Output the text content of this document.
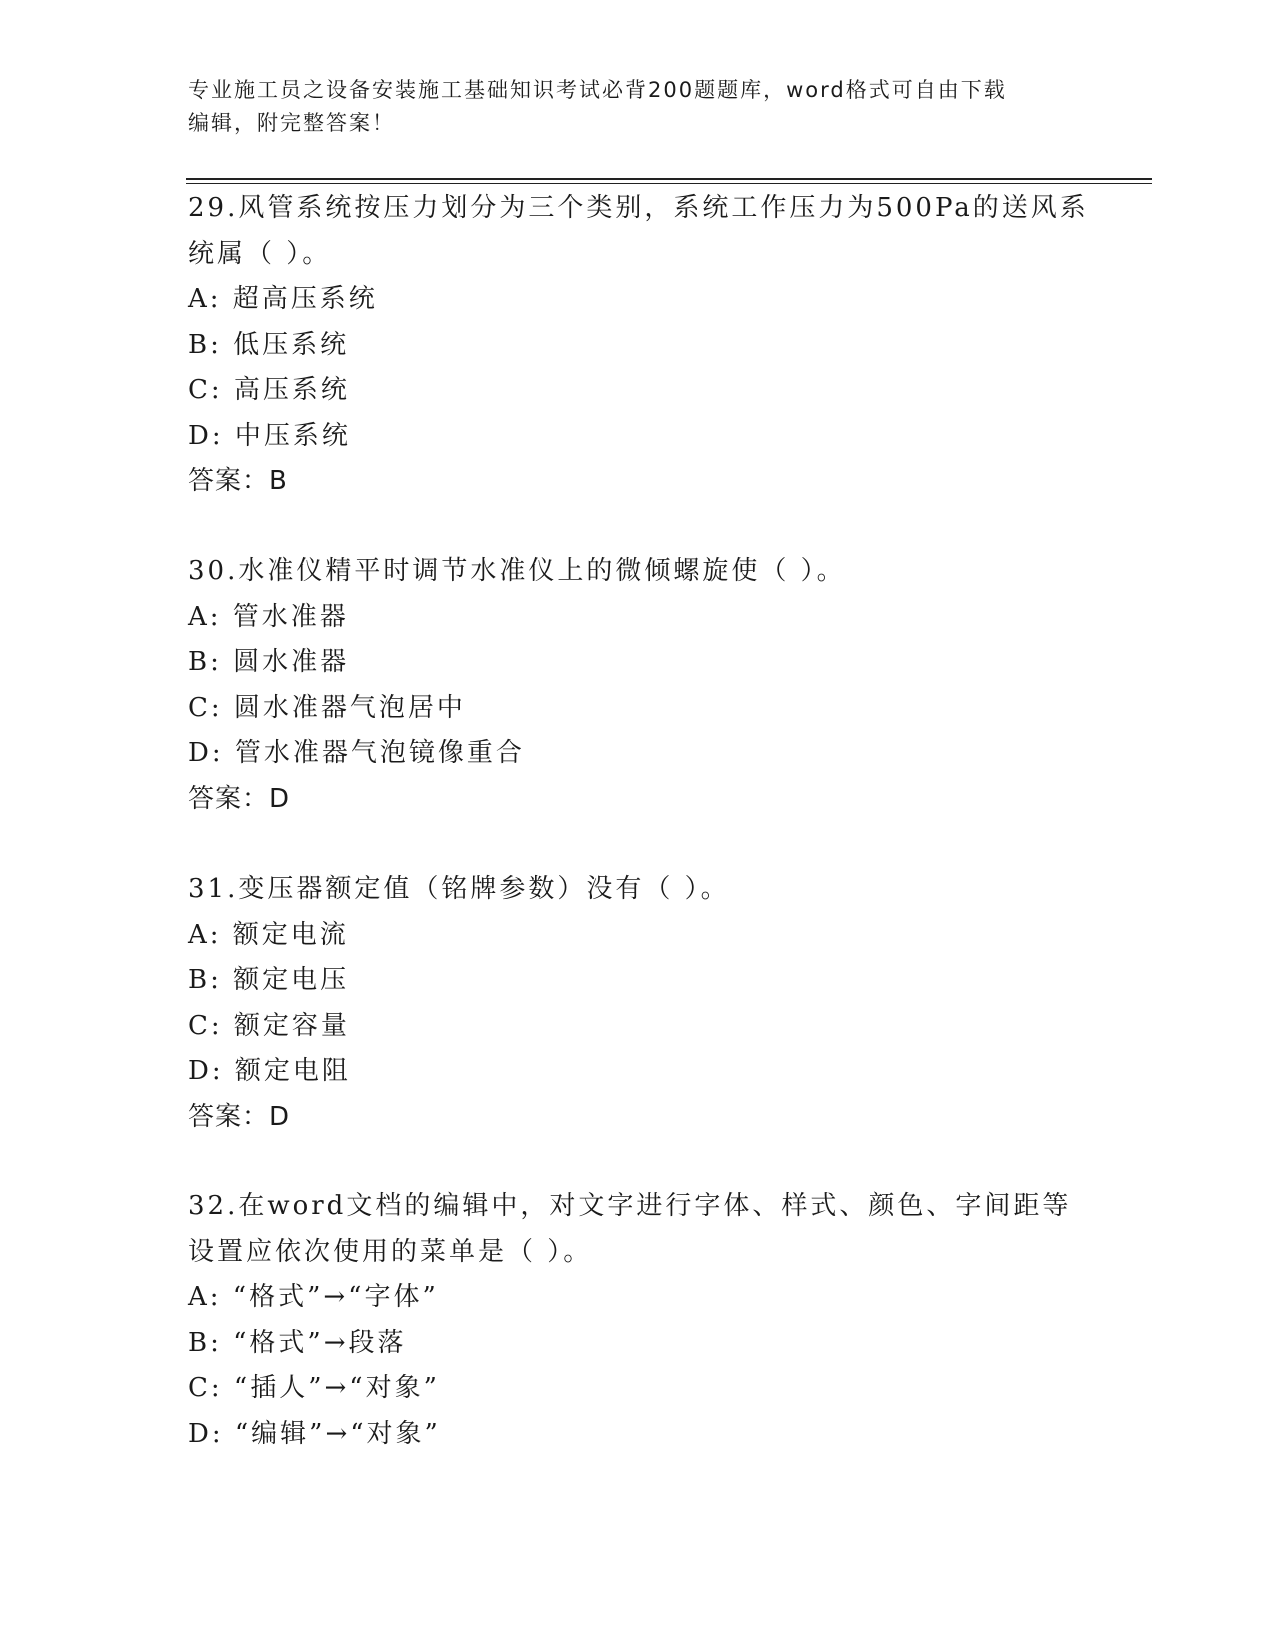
专业施工员之设备安装施工基础知识考试必背200题题库，word格式可自由下载
编辑，附完整答案！
29.风管系统按压力划分为三个类别，系统工作压力为500Pa的送风系
统属（ ）。
A: 超高压系统
B: 低压系统
C: 高压系统
D: 中压系统
答案：B
30.水准仪精平时调节水准仪上的微倾螺旋使（ ）。
A: 管水准器
B: 圆水准器
C: 圆水准器气泡居中
D: 管水准器气泡镜像重合
答案：D
31.变压器额定值（铭牌参数）没有（ ）。
A: 额定电流
B: 额定电压
C: 额定容量
D: 额定电阻
答案：D
32.在word文档的编辑中，对文字进行字体、样式、颜色、字间距等
设置应依次使用的菜单是（ ）。
A: “格式”→“字体”
B: “格式”→段落
C: “插人”→“对象”
D: “编辑”→“对象”
